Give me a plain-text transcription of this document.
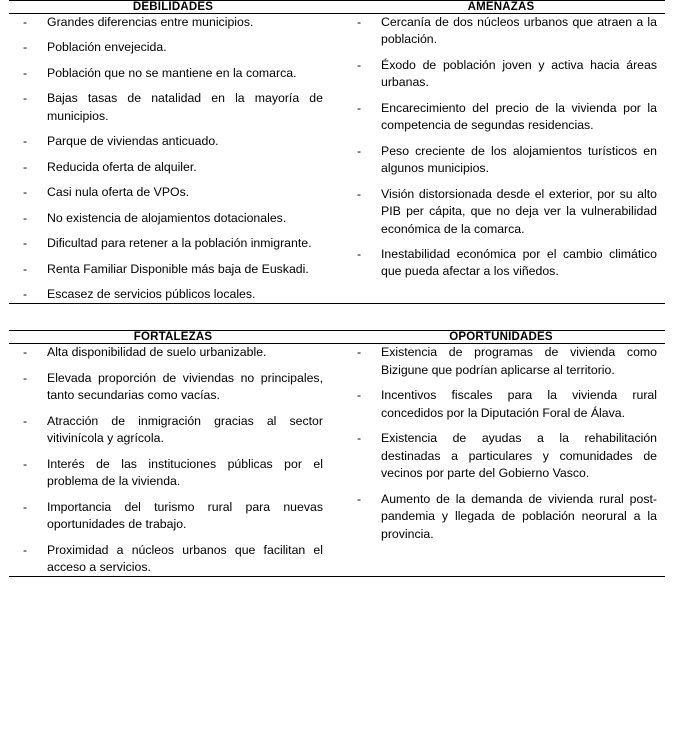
DEBILIDADES	AMENAZAS

- Grandes diferencias entre municipios.
- Población envejecida.
- Población que no se mantiene en la comarca.
- Bajas tasas de natalidad en la mayoría de municipios.
- Parque de viviendas anticuado.
- Reducida oferta de alquiler.
- Casi nula oferta de VPOs.
- No existencia de alojamientos dotacionales.
- Dificultad para retener a la población inmigrante.
- Renta Familiar Disponible más baja de Euskadi.
- Escasez de servicios públicos locales.

- Cercanía de dos núcleos urbanos que atraen a la población.
- Éxodo de población joven y activa hacia áreas urbanas.
- Encarecimiento del precio de la vivienda por la competencia de segundas residencias.
- Peso creciente de los alojamientos turísticos en algunos municipios.
- Visión distorsionada desde el exterior, por su alto PIB per cápita, que no deja ver la vulnerabilidad económica de la comarca.
- Inestabilidad económica por el cambio climático que pueda afectar a los viñedos.

FORTALEZAS	OPORTUNIDADES

- Alta disponibilidad de suelo urbanizable.
- Elevada proporción de viviendas no principales, tanto secundarias como vacías.
- Atracción de inmigración gracias al sector vitivinícola y agrícola.
- Interés de las instituciones públicas por el problema de la vivienda.
- Importancia del turismo rural para nuevas oportunidades de trabajo.
- Proximidad a núcleos urbanos que facilitan el acceso a servicios.

- Existencia de programas de vivienda como Bizigune que podrían aplicarse al territorio.
- Incentivos fiscales para la vivienda rural concedidos por la Diputación Foral de Álava.
- Existencia de ayudas a la rehabilitación destinadas a particulares y comunidades de vecinos por parte del Gobierno Vasco.
- Aumento de la demanda de vivienda rural post-pandemia y llegada de población neorural a la provincia.
